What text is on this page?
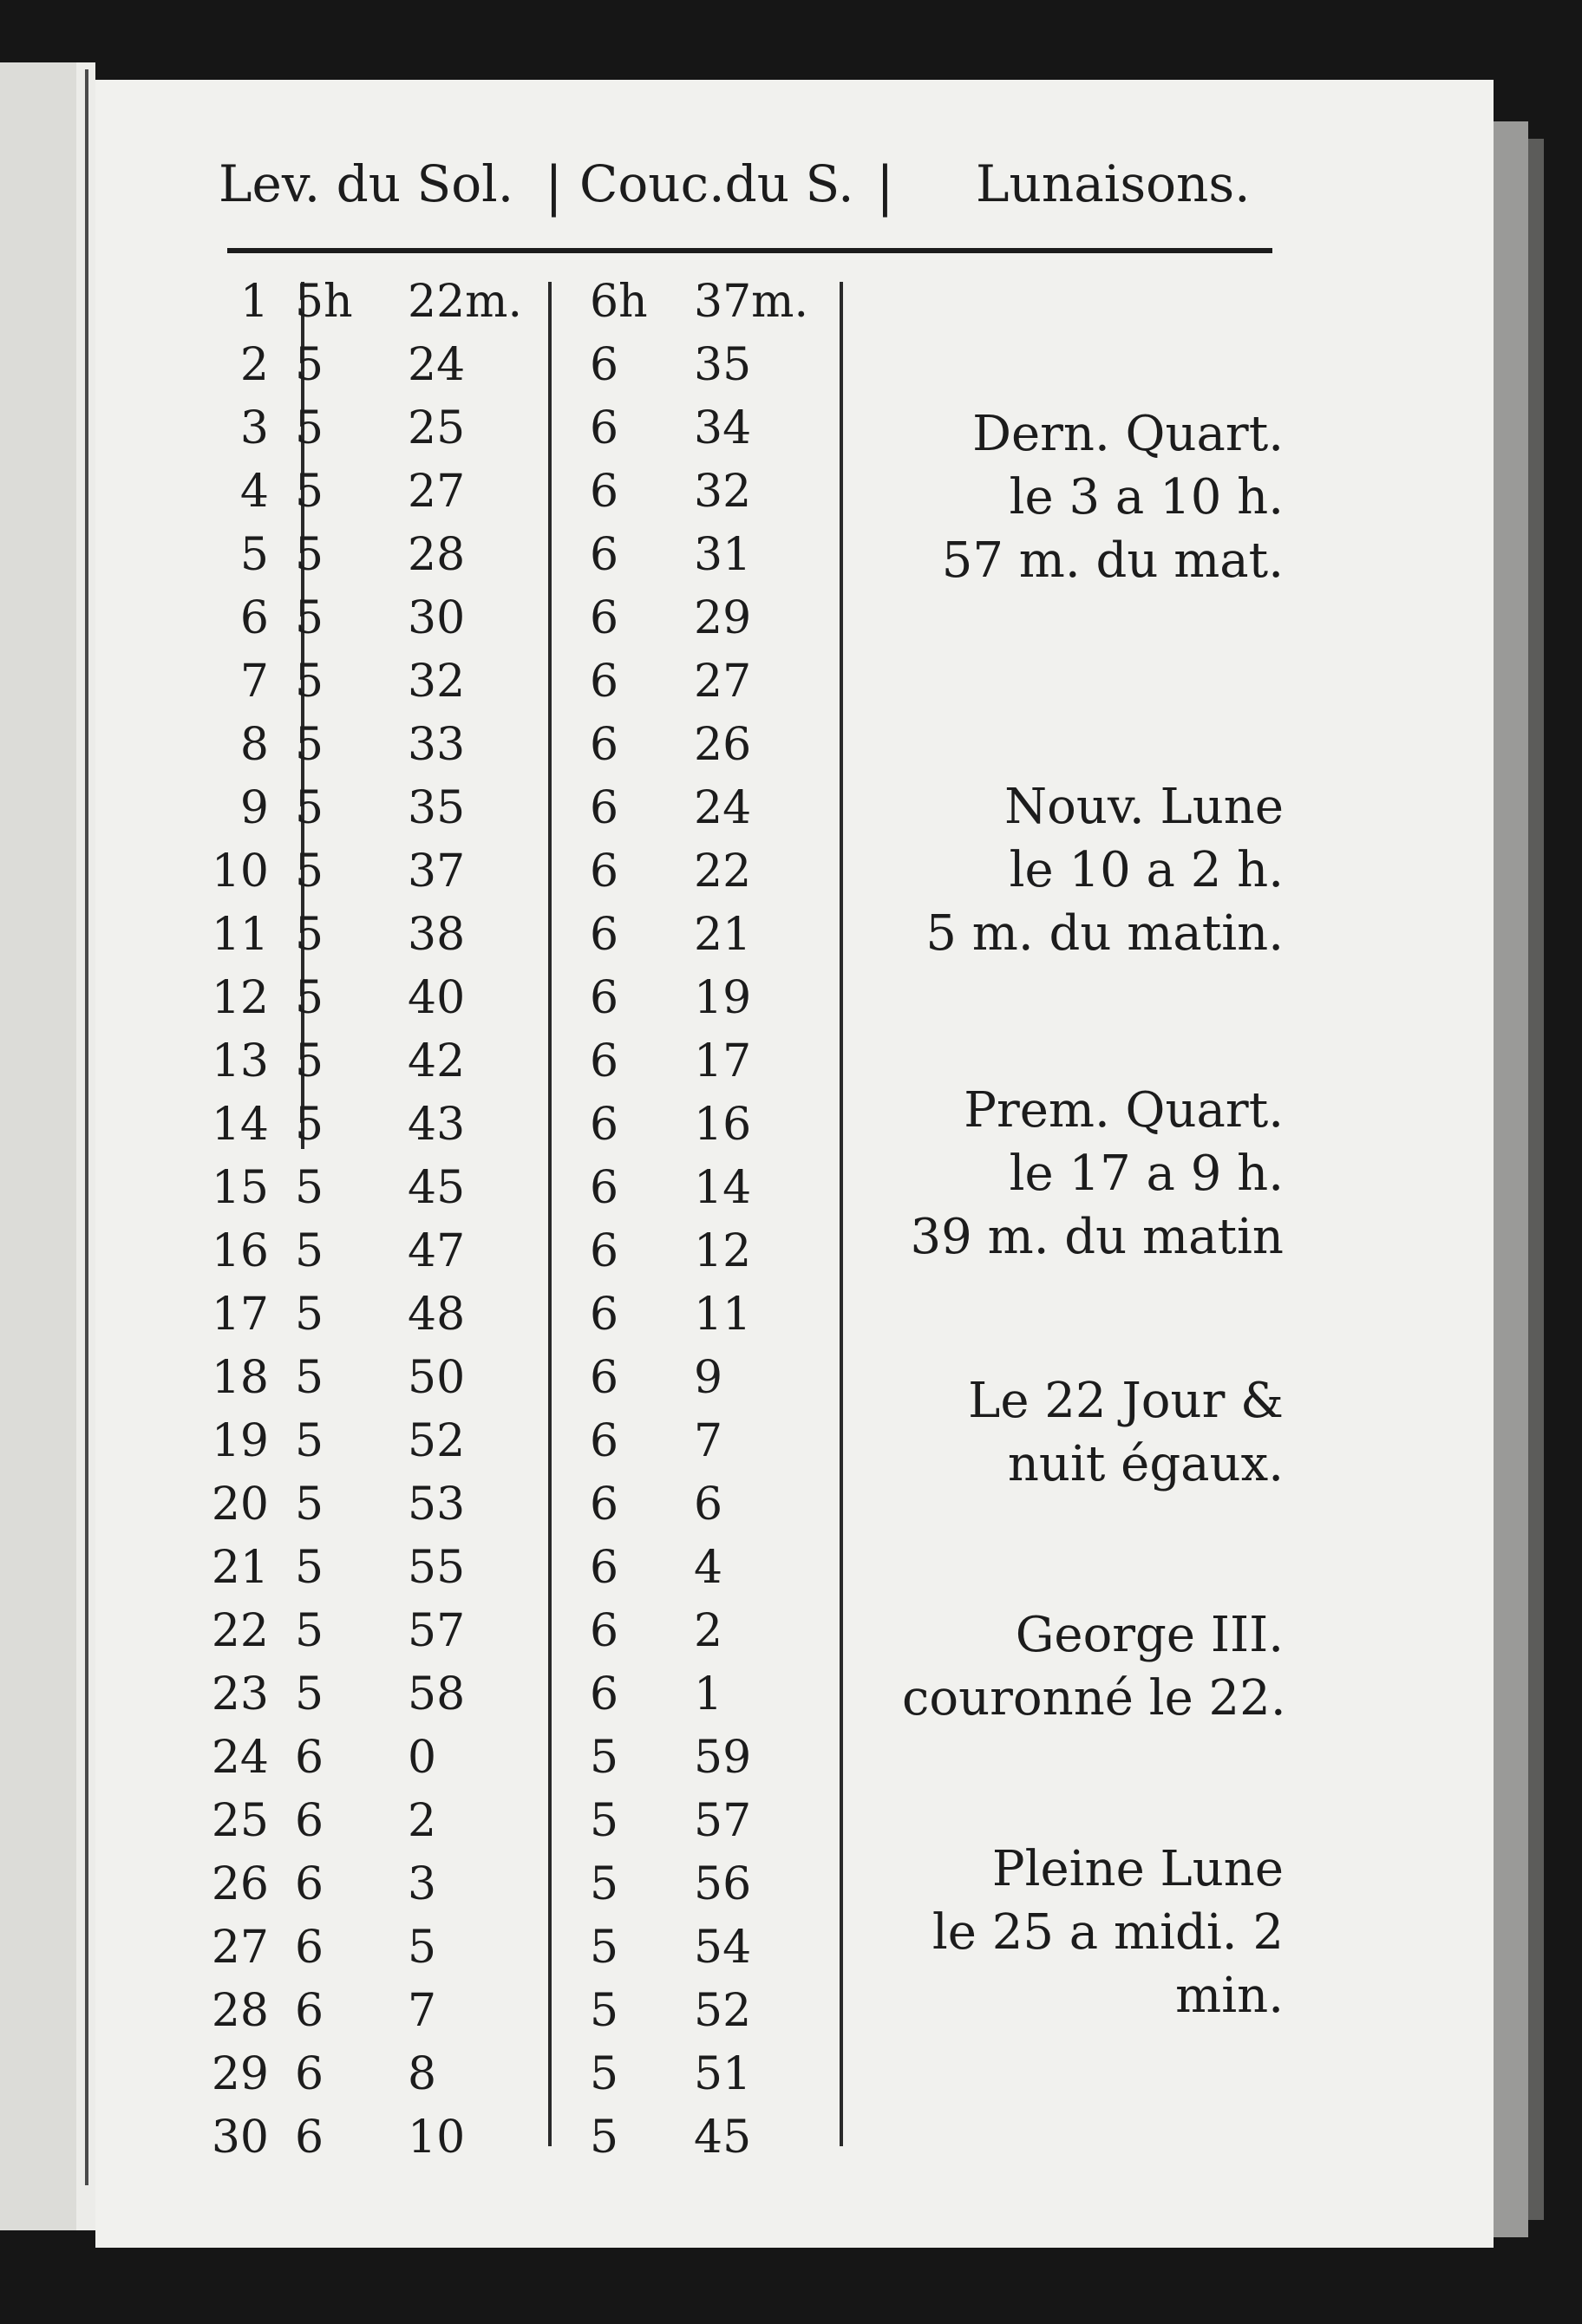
Lev. du Sol. | Couc.du S. | Lunaisons.
1 5h 22m.	6h	37m.
2 5	24	6	35
3 5	25	6	34
4 5	27	6	32
5 5	28	6	31
6 5	30	6	29
7 5	32	6	27
8 5	33	6	26
9 5	35	6	24
10 5	37	6	22
11 5	38	6	21
12 5	40	6	19
13 5	42	6	17
14 5	43	6	16
15 5	45	6	14
16 5	47	6	12
17 5	48	6	11
18 5	50	6	9
19 5	52	6	7
20 5	53	6	6
21 5	55	6	4
22 5	57	6	2
23 5	58	6	1
24 6	0	5	59
25 6	2	5	57
26 6	3	5	56
27 6	5	5	54
28 6	7	5	52
29 6	8	5	51
30 6	10	5	45
Dern. Quart.
le 3 a 10 h.
57 m. du mat.
Nouv. Lune
le 10 a 2 h.
5 m. du matin.
Prem. Quart.
le 17 a 9 h.
39 m. du matin
Le 22 Jour &
nuit égaux.
George III.
couronné le 22.
Pleine Lune
le 25 a midi. 2
min.
